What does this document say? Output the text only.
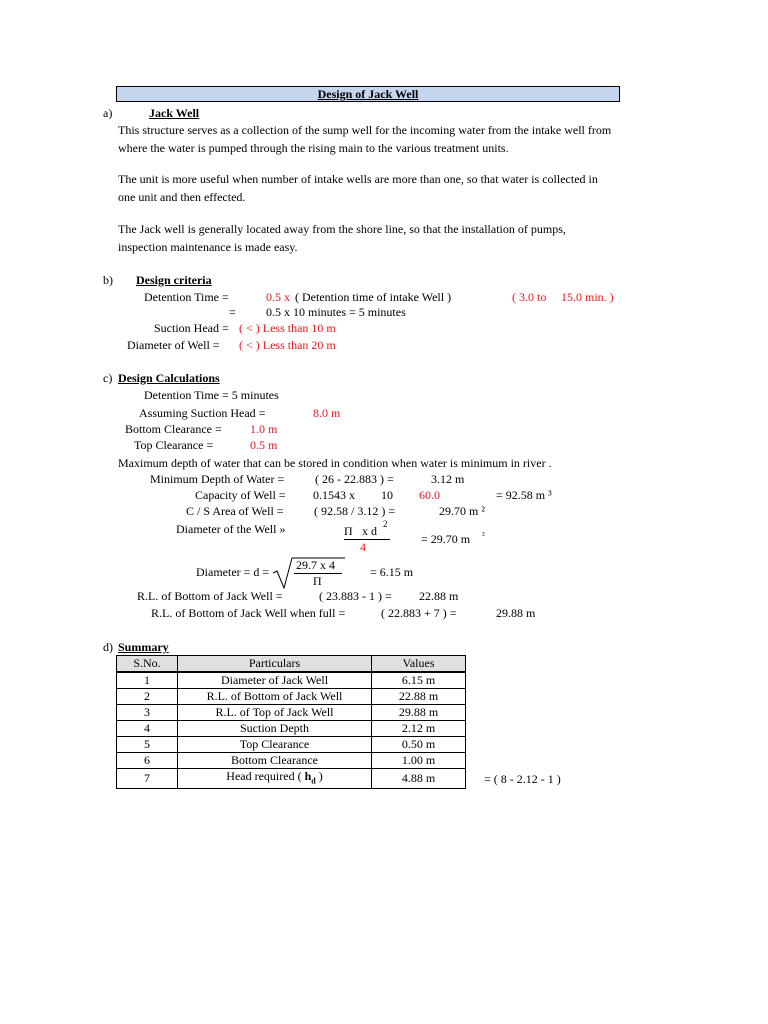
Design of Jack Well
a)	Jack Well
This structure serves as a collection of the sump well for the incoming water from the intake well from where the water is pumped through the rising main to the various treatment units.
The unit is more useful when number of intake wells are more than one, so that water is collected in one unit and then effected.
The Jack well is generally located away from the shore line, so that the installation of pumps, inspection maintenance is made easy.
b) Design criteria
Detention Time =	0.5 x ( Detention time of intake Well )	( 3.0 to 15.0 min. )
=	0.5 x 10 minutes = 5 minutes
Suction Head = ( < ) Less than 10 m
Diameter of Well = ( < ) Less than 20 m
c) Design Calculations
Detention Time = 5 minutes
Assuming Suction Head =	8.0 m
Bottom Clearance = 1.0 m
Top Clearance =	0.5 m
Maximum depth of water that can be stored in condition when water is minimum in river .
Minimum Depth of Water =	( 26 - 22.883 ) =	3.12 m
Capacity of Well = 0.1543 x 10 60.0	= 92.58 m ³
C / S Area of Well =	( 92.58 / 3.12 ) =	29.70 m ²
Diameter of the Well »	Π x d 2
4
= 29.70 m ²
Diameter = d = 29.7 x 4
Π
= 6.15 m
R.L. of Bottom of Jack Well =	( 23.883 - 1 ) = 22.88 m
R.L. of Bottom of Jack Well when full =	( 22.883 + 7 ) =	29.88 m
d) Summary
S.No.	Particulars	Values
1	Diameter of Jack Well	6.15 m
2	R.L. of Bottom of Jack Well	22.88 m
3	R.L. of Top of Jack Well	29.88 m
4	Suction Depth	2.12 m
5	Top Clearance	0.50 m
6	Bottom Clearance	1.00 m
7	Head required ( $h_d$ )	4.88 m	= ( 8 - 2.12 - 1 )
